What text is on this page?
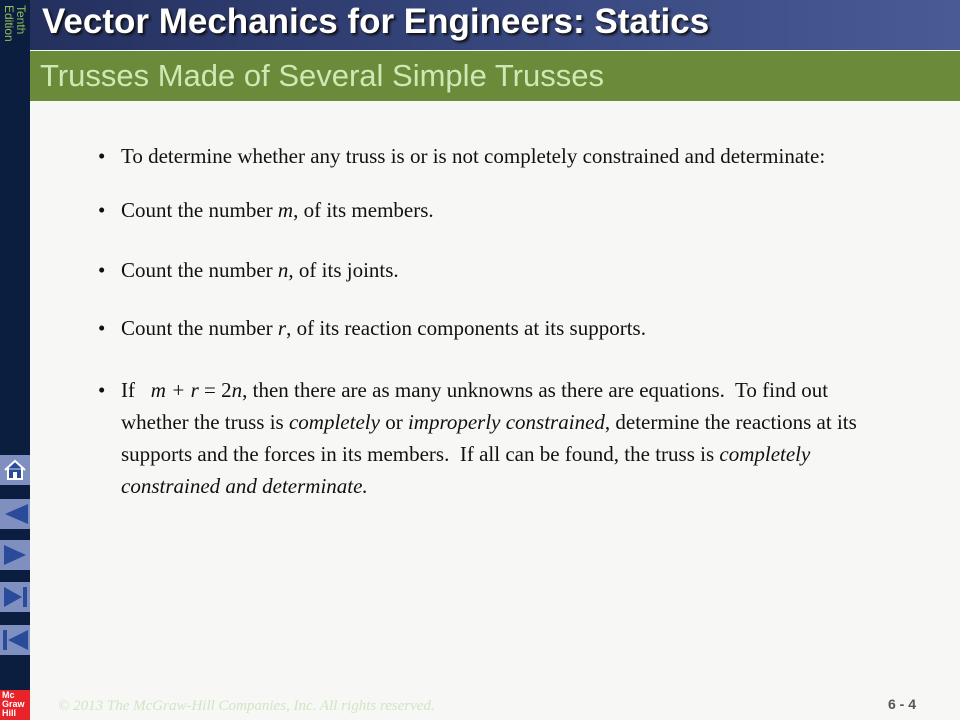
Tenth
Edition Vector Mechanics for Engineers: Statics
Trusses Made of Several Simple Trusses
Mc
Graw
Hill
• To determine whether any truss is or is not completely constrained and determinate:
• Count the number m, of its members.
• Count the number n, of its joints.
• Count the number r, of its reaction components at its supports.
• If   m + r = 2n, then there are as many unknowns as there are equations.  To find out whether the truss is completely or improperly constrained, determine the reactions at its supports and the forces in its members.  If all can be found, the truss is completely constrained and determinate.
© 2013 The McGraw-Hill Companies, Inc. All rights reserved.	6 - 4
